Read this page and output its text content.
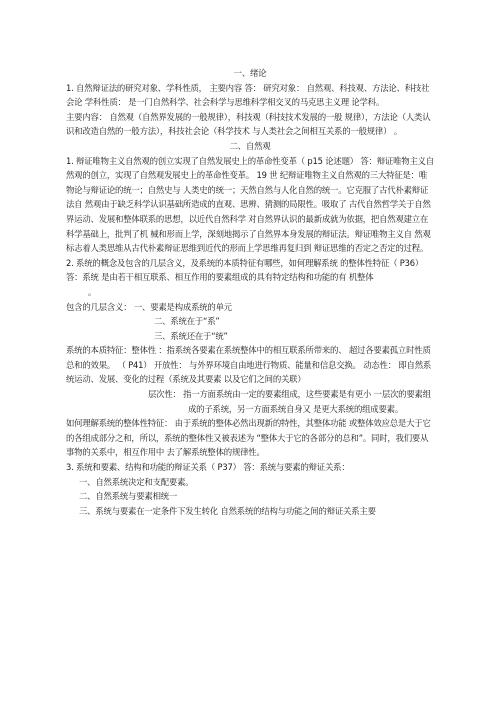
一、绪论

1. 自然辩证法的研究对象、学科性质， 主要内容 答： 研究对象： 自然观、科技观、方法论、科技社会论 学科性质： 是一门自然科学、社会科学与思维科学相交叉的马克思主义理 论学科。

主要内容： 自然观（自然界发展的一般规律），科技观（科技技术发展的一般 规律），方法论（人类认识和改造自然的一般方法），科技社会论（科学技术 与人类社会之间相互关系的一般规律） 。

二、自然观

1. 辩证唯物主义自然观的创立实现了自然发展史上的革命性变革（ p15 论述题） 答：辩证唯物主义自然观的创立，实现了自然观发展史上的革命性变革。 19 世 纪辩证唯物主义自然观的三大特征是：唯物论与辩证论的统一；自然史与 人类史的统一；天然自然与人化自然的统一。它克服了古代朴素辩证法自 然观由于缺乏科学认识基础所造成的直观、思辨、猜测的局限性。吸取了 古代自然哲学关于自然界运动、发展和整体联系的思想，以近代自然科学 对自然界认识的最新成就为依据，把自然观建立在科学基础上，批判了机 械和形而上学，深刻地揭示了自然界本身发展的辩证法。辩证唯物主义自 然观标志着人类思维从古代朴素辩证思维到近代的形而上学思维再复归到 辩证思维的否定之否定的过程。

2. 系统的概念及包含的几层含义，及系统的本质特征有哪些，如何理解系统 的整体性特征（ P36）

答：系统 是由若干相互联系、相互作用的要素组成的具有特定结构和功能的有 机整体

。

包含的几层含义： 一、要素是构成系统的单元

二、系统在于“系”

三、系统还在于“统”

系统的本质特征：整体性 ：指系统各要素在系统整体中的相互联系所带来的、 超过各要素孤立时性质总和的效果。 （ P41） 开放性： 与外界环境自由地进行物质、能量和信息交换。 动态性： 即自然系统运动、发展、变化的过程（系统及其要素 以及它们之间的关联）

层次性： 指一方面系统由一定的要素组成，这些要素是有更小 一层次的要素组成的子系统，另一方面系统自身又 是更大系统的组成要素。

如何理解系统的整体性特征： 由于系统的整体必然出现新的特性，其整体功能 或整体效应总是大于它的各组成部分之和，所以，系统的整体性又被表述为 “整体大于它的各部分的总和”。同时，我们要从事物的关系中，相互作用中 去了解系统整体的规律性。

3. 系统和要素、结构和功能的辩证关系（ P37） 答：系统与要素的辩证关系：

一、自然系统决定和支配要素。

二、自然系统与要素相统一

三、系统与要素在一定条件下发生转化 自然系统的结构与功能之间的辩证关系主要
